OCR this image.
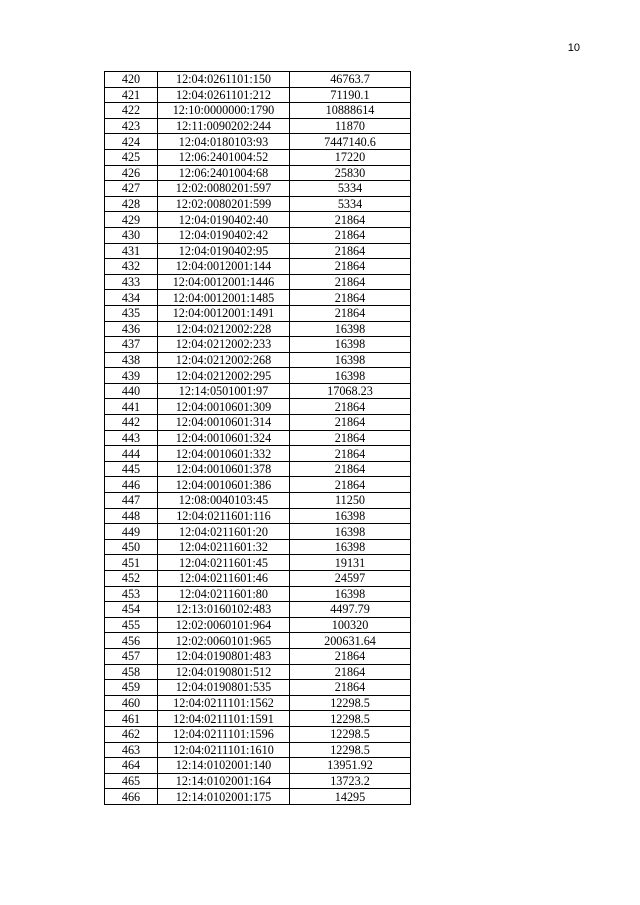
10
420	12:04:0261101:150	46763.7
421	12:04:0261101:212	71190.1
422	12:10:0000000:1790	10888614
423	12:11:0090202:244	11870
424	12:04:0180103:93	7447140.6
425	12:06:2401004:52	17220
426	12:06:2401004:68	25830
427	12:02:0080201:597	5334
428	12:02:0080201:599	5334
429	12:04:0190402:40	21864
430	12:04:0190402:42	21864
431	12:04:0190402:95	21864
432	12:04:0012001:144	21864
433	12:04:0012001:1446	21864
434	12:04:0012001:1485	21864
435	12:04:0012001:1491	21864
436	12:04:0212002:228	16398
437	12:04:0212002:233	16398
438	12:04:0212002:268	16398
439	12:04:0212002:295	16398
440	12:14:0501001:97	17068.23
441	12:04:0010601:309	21864
442	12:04:0010601:314	21864
443	12:04:0010601:324	21864
444	12:04:0010601:332	21864
445	12:04:0010601:378	21864
446	12:04:0010601:386	21864
447	12:08:0040103:45	11250
448	12:04:0211601:116	16398
449	12:04:0211601:20	16398
450	12:04:0211601:32	16398
451	12:04:0211601:45	19131
452	12:04:0211601:46	24597
453	12:04:0211601:80	16398
454	12:13:0160102:483	4497.79
455	12:02:0060101:964	100320
456	12:02:0060101:965	200631.64
457	12:04:0190801:483	21864
458	12:04:0190801:512	21864
459	12:04:0190801:535	21864
460	12:04:0211101:1562	12298.5
461	12:04:0211101:1591	12298.5
462	12:04:0211101:1596	12298.5
463	12:04:0211101:1610	12298.5
464	12:14:0102001:140	13951.92
465	12:14:0102001:164	13723.2
466	12:14:0102001:175	14295
